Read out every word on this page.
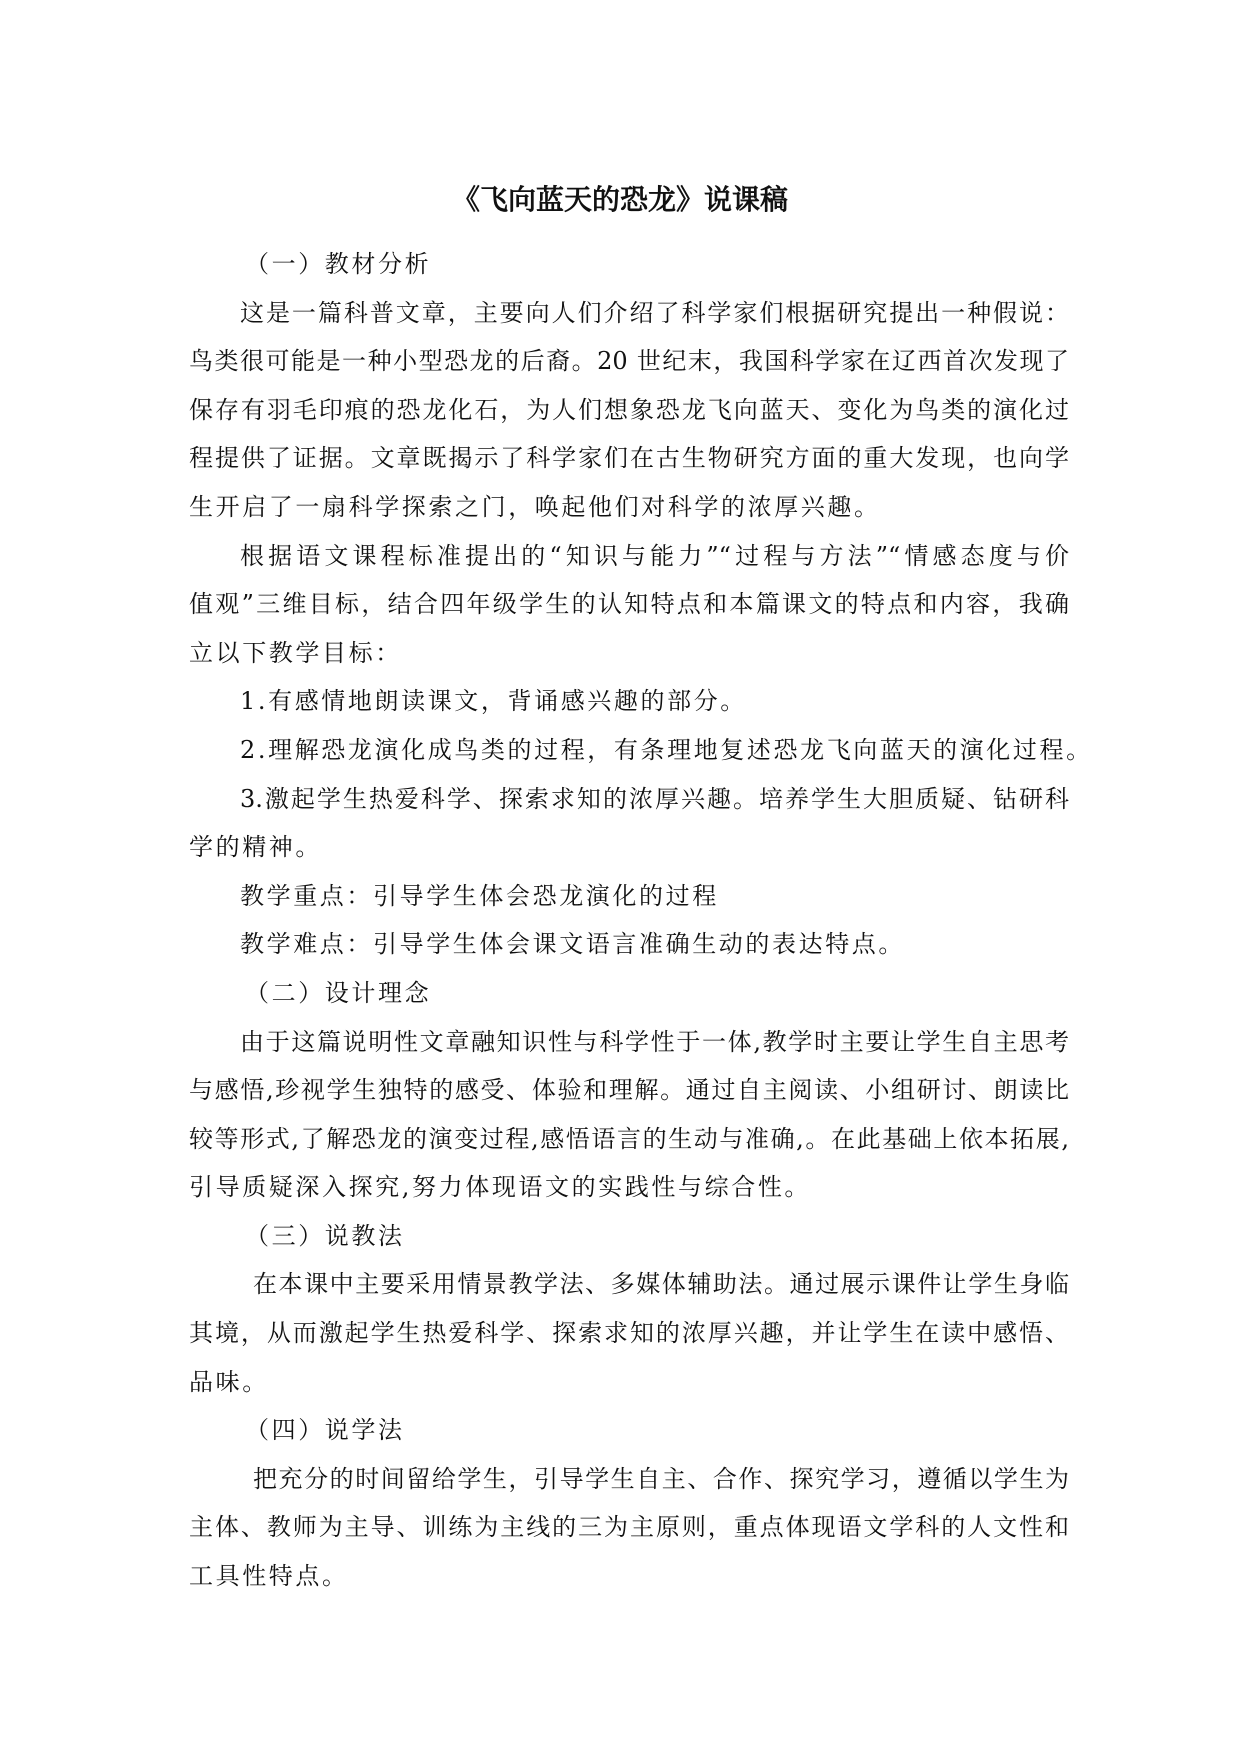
《飞向蓝天的恐龙》说课稿
（一）教材分析
这是一篇科普文章，主要向人们介绍了科学家们根据研究提出一种假说：
鸟类很可能是一种小型恐龙的后裔。20 世纪末，我国科学家在辽西首次发现了
保存有羽毛印痕的恐龙化石，为人们想象恐龙飞向蓝天、变化为鸟类的演化过
程提供了证据。文章既揭示了科学家们在古生物研究方面的重大发现，也向学
生开启了一扇科学探索之门，唤起他们对科学的浓厚兴趣。
根据语文课程标准提出的“知识与能力”“过程与方法”“情感态度与价
值观”三维目标，结合四年级学生的认知特点和本篇课文的特点和内容，我确
立以下教学目标：
1.有感情地朗读课文，背诵感兴趣的部分。
2.理解恐龙演化成鸟类的过程，有条理地复述恐龙飞向蓝天的演化过程。
3.激起学生热爱科学、探索求知的浓厚兴趣。培养学生大胆质疑、钻研科
学的精神。
教学重点：引导学生体会恐龙演化的过程
教学难点：引导学生体会课文语言准确生动的表达特点。
（二）设计理念
由于这篇说明性文章融知识性与科学性于一体,教学时主要让学生自主思考
与感悟,珍视学生独特的感受、体验和理解。通过自主阅读、小组研讨、朗读比
较等形式,了解恐龙的演变过程,感悟语言的生动与准确,。在此基础上依本拓展,
引导质疑深入探究,努力体现语文的实践性与综合性。
（三）说教法
在本课中主要采用情景教学法、多媒体辅助法。通过展示课件让学生身临
其境，从而激起学生热爱科学、探索求知的浓厚兴趣，并让学生在读中感悟、
品味。
（四）说学法
把充分的时间留给学生，引导学生自主、合作、探究学习，遵循以学生为
主体、教师为主导、训练为主线的三为主原则，重点体现语文学科的人文性和
工具性特点。
